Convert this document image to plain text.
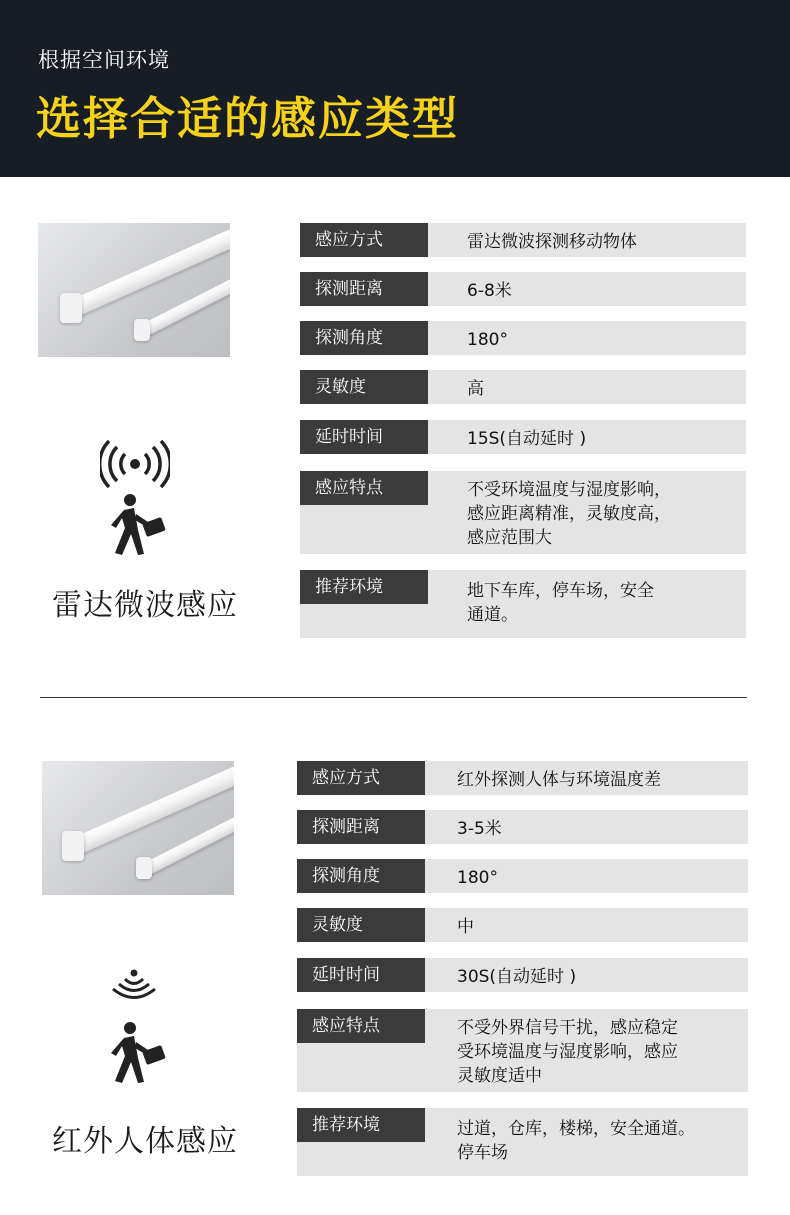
根据空间环境
选择合适的感应类型
雷达微波感应
感应方式	雷达微波探测移动物体
探测距离	6-8米
探测角度	180°
灵敏度	高
延时时间	15S(自动延时 )
感应特点	不受环境温度与湿度影响，
感应距离精准，灵敏度高，
感应范围大
推荐环境	地下车库，停车场，安全
通道。
红外人体感应
感应方式	红外探测人体与环境温度差
探测距离	3-5米
探测角度	180°
灵敏度	中
延时时间	30S(自动延时 )
感应特点	不受外界信号干扰，感应稳定
受环境温度与湿度影响，感应
灵敏度适中
推荐环境	过道，仓库，楼梯，安全通道。
停车场
